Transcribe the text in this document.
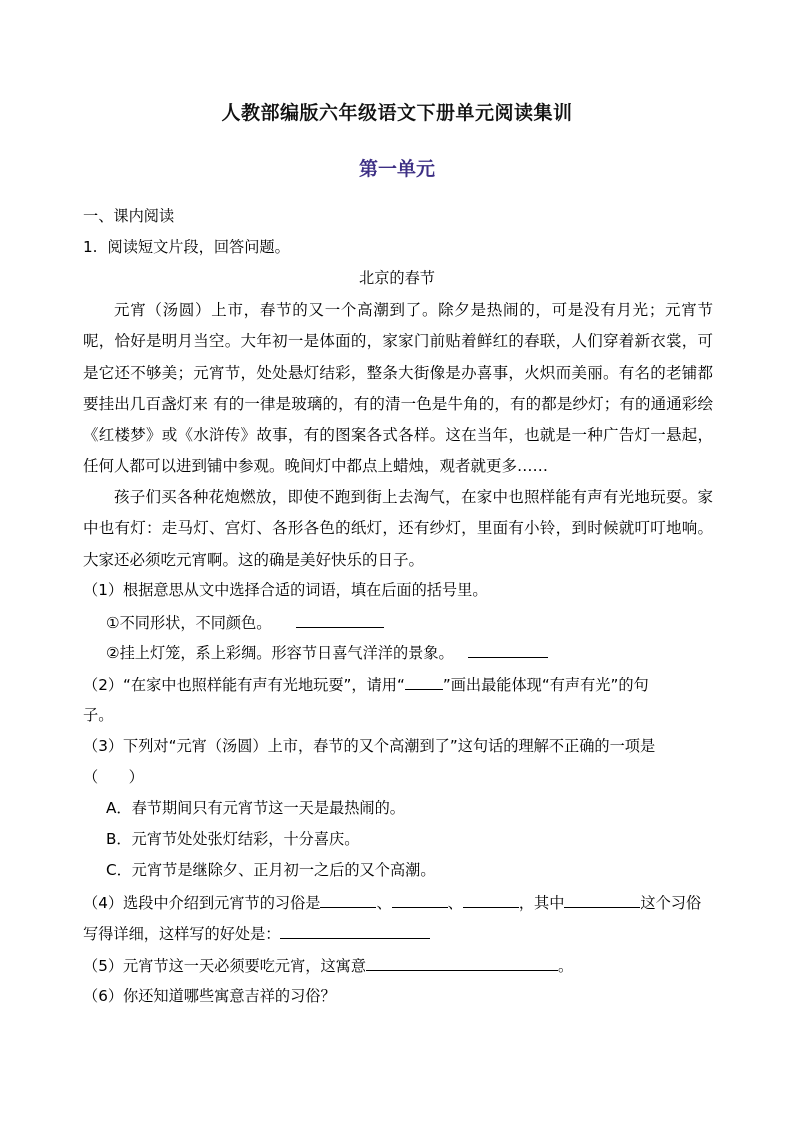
人教部编版六年级语文下册单元阅读集训
第一单元
一、课内阅读
1. 阅读短文片段，回答问题。
北京的春节

元宵（汤圆）上市，春节的又一个高潮到了。除夕是热闹的，可是没有月光；元宵节呢，恰好是明月当空。大年初一是体面的，家家门前贴着鲜红的春联，人们穿着新衣裳，可是它还不够美；元宵节，处处悬灯结彩，整条大街像是办喜事，火炽而美丽。有名的老铺都要挂出几百盏灯来 有的一律是玻璃的，有的清一色是牛角的，有的都是纱灯；有的通通彩绘《红楼梦》或《水浒传》故事，有的图案各式各样。这在当年，也就是一种广告灯一悬起，任何人都可以进到铺中参观。晚间灯中都点上蜡烛，观者就更多……

孩子们买各种花炮燃放，即使不跑到街上去淘气，在家中也照样能有声有光地玩耍。家中也有灯：走马灯、宫灯、各形各色的纸灯，还有纱灯，里面有小铃，到时候就叮叮地响。大家还必须吃元宵啊。这的确是美好快乐的日子。

（1）根据意思从文中选择合适的词语，填在后面的括号里。
①不同形状，不同颜色。
②挂上灯笼，系上彩绸。形容节日喜气洋洋的景象。
（2）“在家中也照样能有声有光地玩耍”，请用“	”画出最能体现“有声有光”的句
子。
（3）下列对“元宵（汤圆）上市，春节的又个高潮到了”这句话的理解不正确的一项是
（　　）
A．春节期间只有元宵节这一天是最热闹的。
B．元宵节处处张灯结彩，十分喜庆。
C．元宵节是继除夕、正月初一之后的又个高潮。
（4）选段中介绍到元宵节的习俗是	、	、	，其中	这个习俗
写得详细，这样写的好处是：
（5）元宵节这一天必须要吃元宵，这寓意	。
（6）你还知道哪些寓意吉祥的习俗？
